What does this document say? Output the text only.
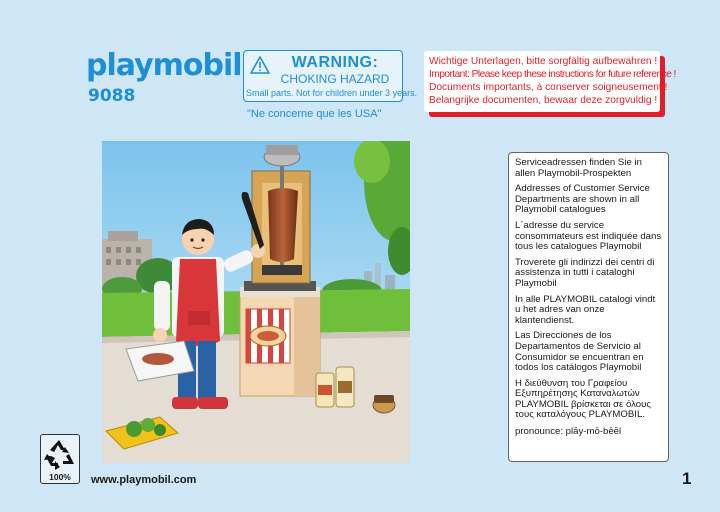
playmobil
9088
WARNING:
CHOKING HAZARD
Small parts. Not for children under 3 years.
"Ne concerne que les USA"
Wichtige Unterlagen, bitte sorgfältig aufbewahren !
Important: Please keep these instructions for future reference !
Documents importants, à conserver soigneusement !
Belangrijke documenten, bewaar deze zorgvuldig !

Serviceadressen finden Sie in allen Playmobil-Prospekten

Addresses of Customer Service Departments are shown in all Playmobil catalogues

L´adresse du service consommateurs est indiquée dans tous les catalogues Playmobil

Troverete gli indirizzi dei centri di assistenza in tutti i cataloghi Playmobil

In alle PLAYMOBIL catalogi vindt u het adres van onze klantendienst.

Las Direcciones de los Departamentos de Servicio al Consumidor se encuentran en todos los catálogos Playmobil

Η διεύθυνση του Γραφείου Εξυπηρέτησης Καταναλωτών PLAYMOBIL βρίσκεται σε όλους τους καταλόγους PLAYMOBIL.

pronounce: plāy-mō-bēēl

100%	www.playmobil.com	1
